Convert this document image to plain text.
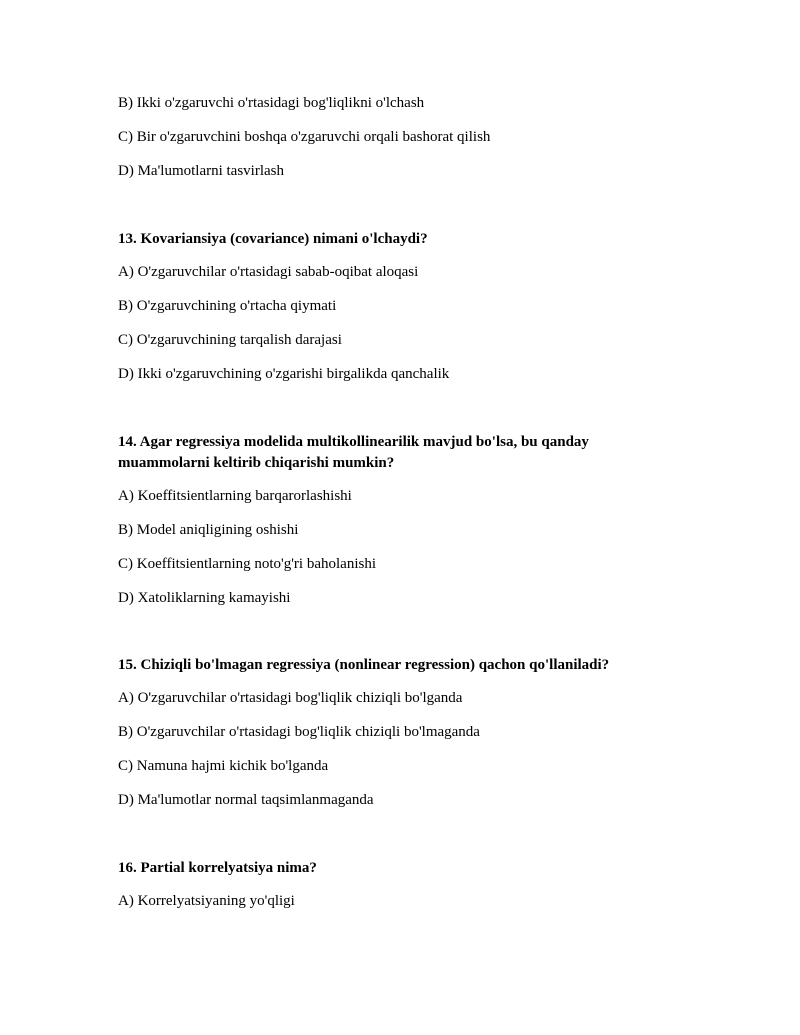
B) Ikki o'zgaruvchi o'rtasidagi bog'liqlikni o'lchash
C) Bir o'zgaruvchini boshqa o'zgaruvchi orqali bashorat qilish
D) Ma'lumotlarni tasvirlash
13. Kovariansiya (covariance) nimani o'lchaydi?
A) O'zgaruvchilar o'rtasidagi sabab-oqibat aloqasi
B) O'zgaruvchining o'rtacha qiymati
C) O'zgaruvchining tarqalish darajasi
D) Ikki o'zgaruvchining o'zgarishi birgalikda qanchalik
14. Agar regressiya modelida multikollinearilik mavjud bo'lsa, bu qanday muammolarni keltirib chiqarishi mumkin?
A) Koeffitsientlarning barqarorlashishi
B) Model aniqligining oshishi
C) Koeffitsientlarning noto'g'ri baholanishi
D) Xatoliklarning kamayishi
15. Chiziqli bo'lmagan regressiya (nonlinear regression) qachon qo'llaniladi?
A) O'zgaruvchilar o'rtasidagi bog'liqlik chiziqli bo'lganda
B) O'zgaruvchilar o'rtasidagi bog'liqlik chiziqli bo'lmaganda
C) Namuna hajmi kichik bo'lganda
D) Ma'lumotlar normal taqsimlanmaganda
16. Partial korrelyatsiya nima?
A) Korrelyatsiyaning yo'qligi
